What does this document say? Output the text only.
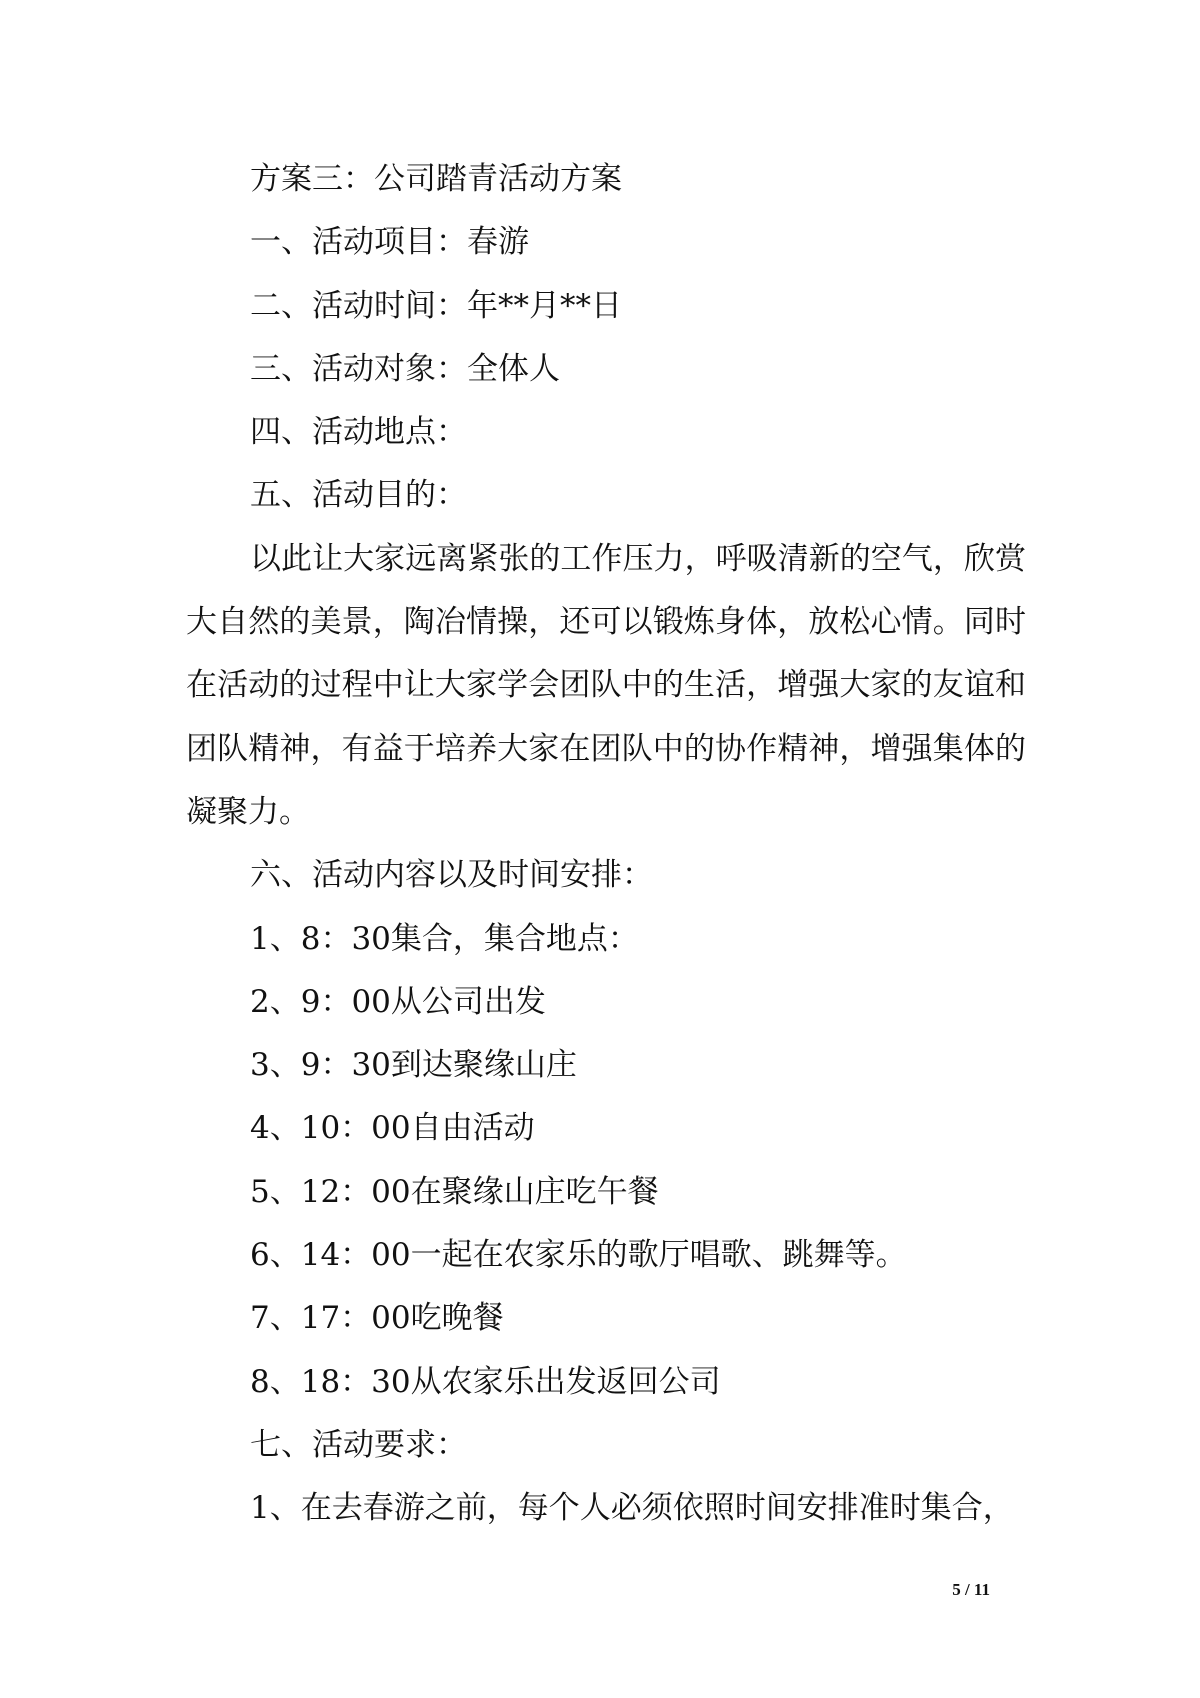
方案三：公司踏青活动方案

一、活动项目：春游

二、活动时间：年**月**日

三、活动对象：全体人

四、活动地点：

五、活动目的：

以此让大家远离紧张的工作压力，呼吸清新的空气，欣赏大自然的美景，陶冶情操，还可以锻炼身体，放松心情。同时在活动的过程中让大家学会团队中的生活，增强大家的友谊和团队精神，有益于培养大家在团队中的协作精神，增强集体的凝聚力。

六、活动内容以及时间安排：

1、8：30集合，集合地点：

2、9：00从公司出发

3、9：30到达聚缘山庄

4、10：00自由活动

5、12：00在聚缘山庄吃午餐

6、14：00一起在农家乐的歌厅唱歌、跳舞等。

7、17：00吃晚餐

8、18：30从农家乐出发返回公司

七、活动要求：

1、在去春游之前，每个人必须依照时间安排准时集合，

5 / 11
